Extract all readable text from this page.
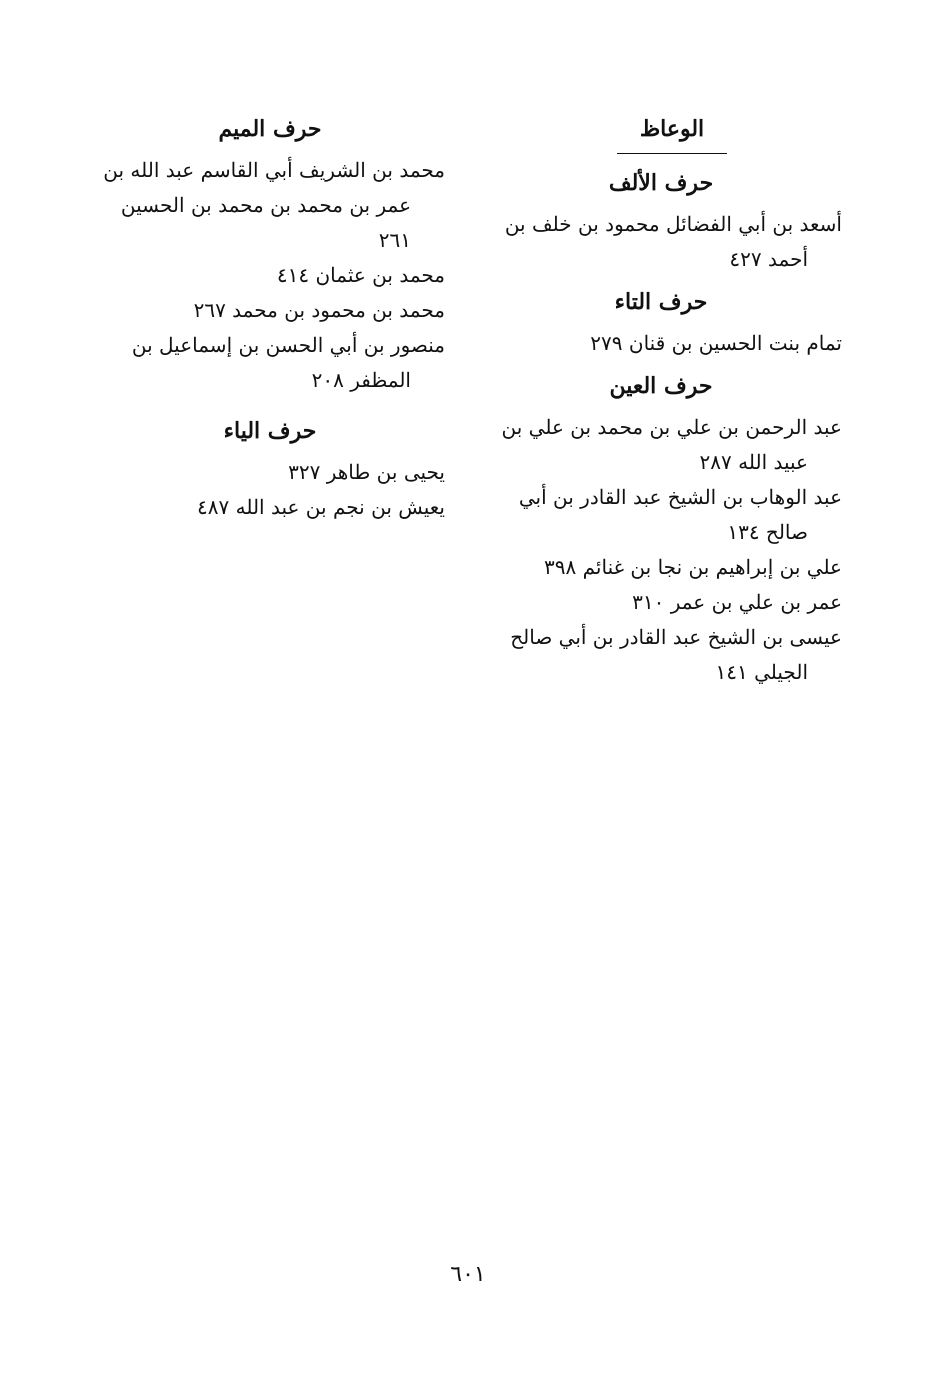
الوعاظ
حرف الألف
أسعد بن أبي الفضائل محمود بن خلف بن
أحمد ٤٢٧
حرف التاء
تمام بنت الحسين بن قنان ٢٧٩
حرف العين
عبد الرحمن بن علي بن محمد بن علي بن
عبيد الله ٢٨٧
عبد الوهاب بن الشيخ عبد القادر بن أبي
صالح ١٣٤
علي بن إبراهيم بن نجا بن غنائم ٣٩٨
عمر بن علي بن عمر ٣١٠
عيسى بن الشيخ عبد القادر بن أبي صالح
الجيلي ١٤١
حرف الميم
محمد بن الشريف أبي القاسم عبد الله بن
عمر بن محمد بن محمد بن الحسين ٢٦١
محمد بن عثمان ٤١٤
محمد بن محمود بن محمد ٢٦٧
منصور بن أبي الحسن بن إسماعيل بن
المظفر ٢٠٨
حرف الياء
يحيى بن طاهر ٣٢٧
يعيش بن نجم بن عبد الله ٤٨٧
٦٠١
